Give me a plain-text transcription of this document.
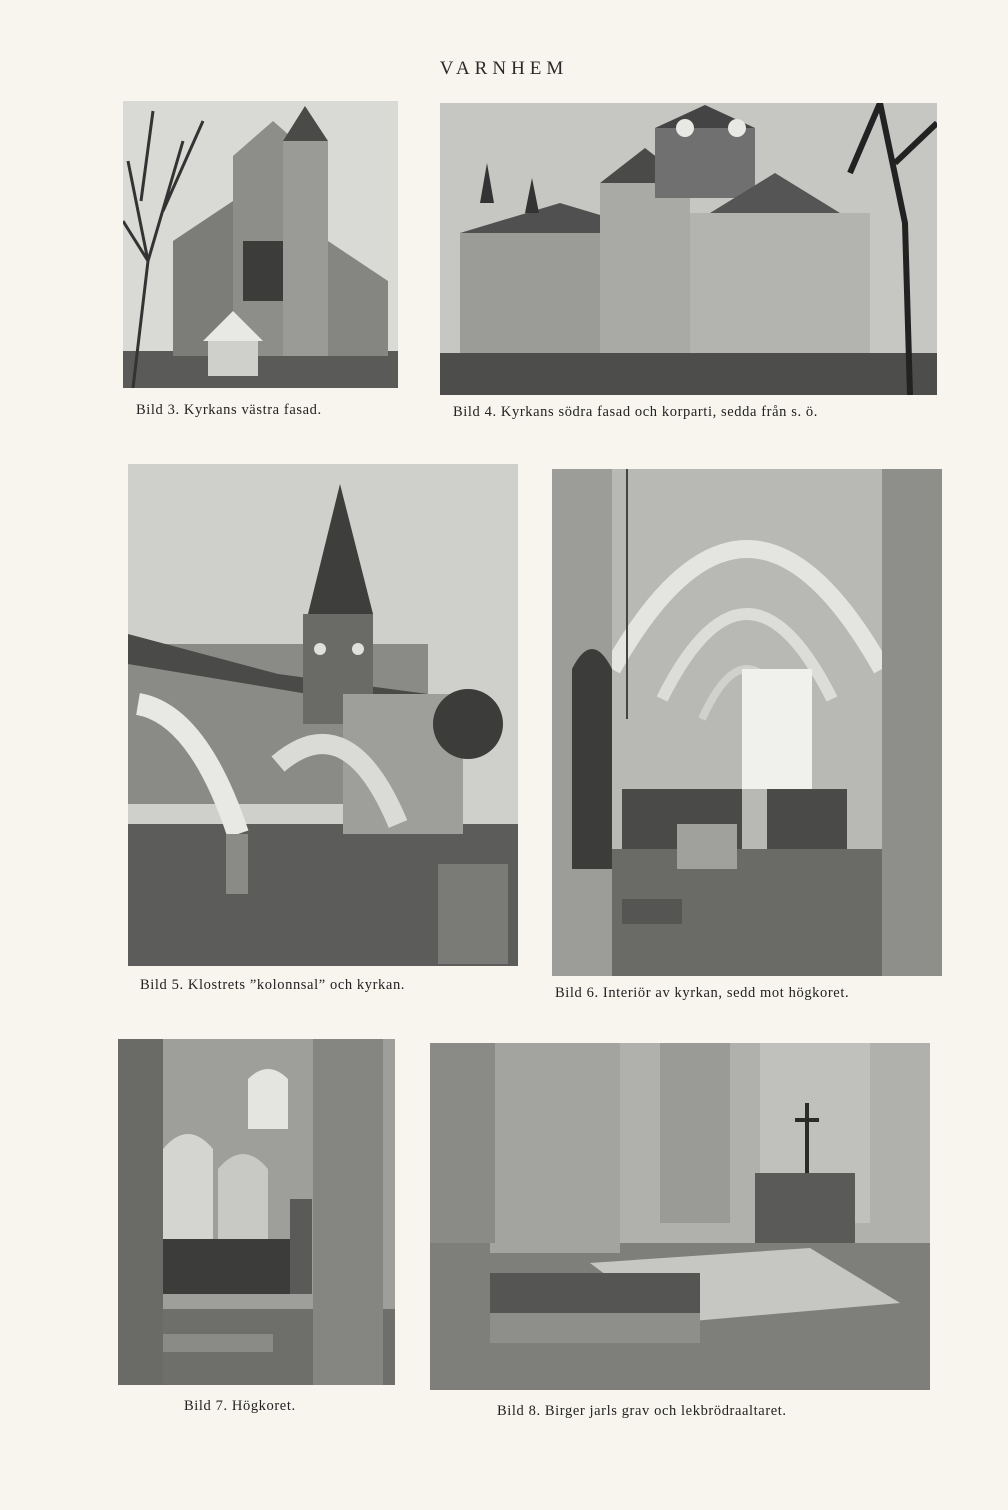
VARNHEM
Bild 3. Kyrkans västra fasad.	Bild 4. Kyrkans södra fasad och korparti, sedda från s. ö.
Bild 5. Klostrets ”kolonnsal” och kyrkan.	Bild 6. Interiör av kyrkan, sedd mot högkoret.
Bild 7. Högkoret.	Bild 8. Birger jarls grav och lekbrödraaltaret.
